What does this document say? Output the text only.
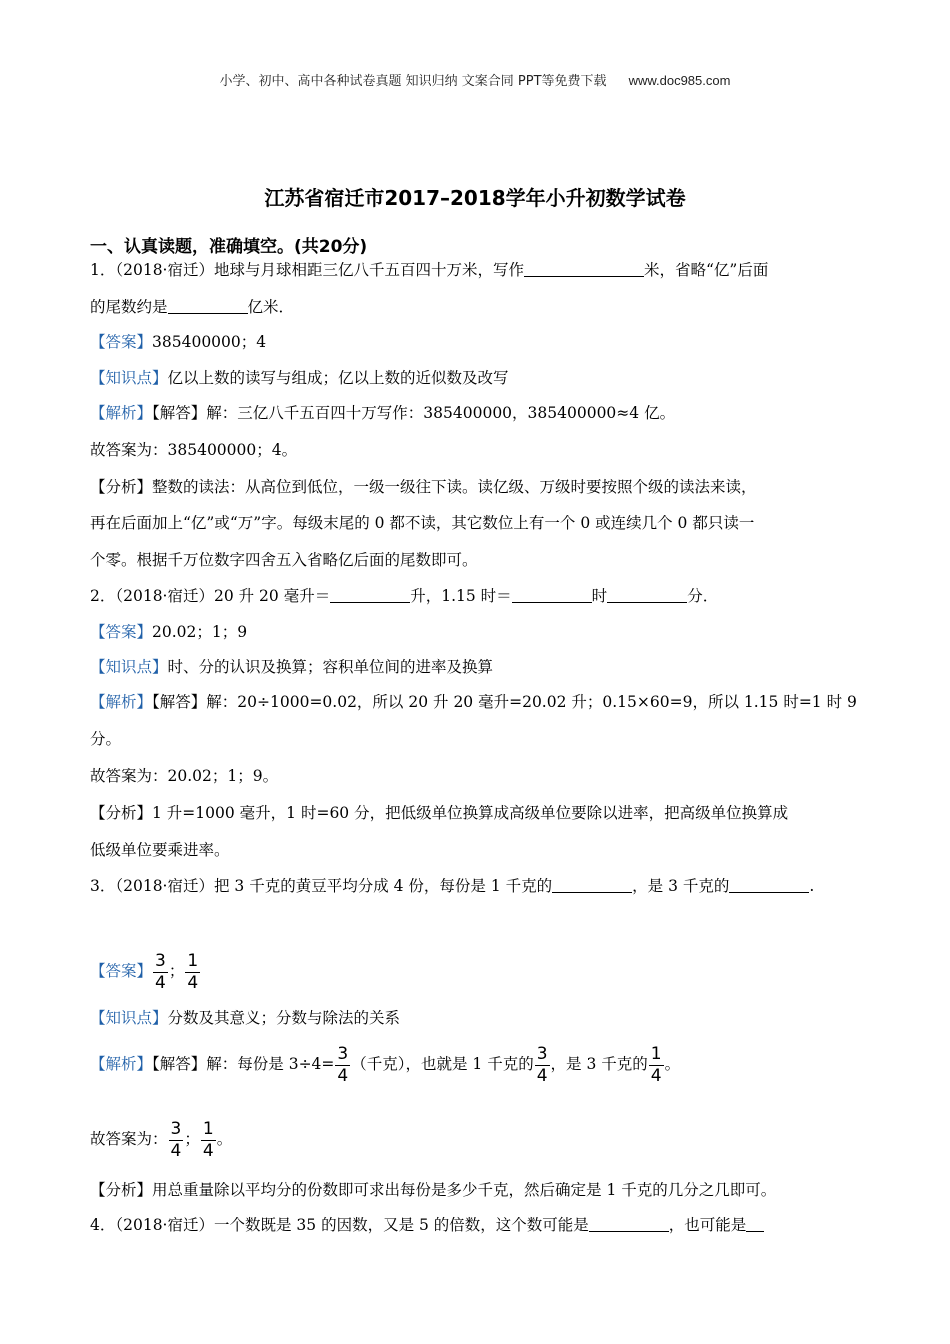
小学、初中、高中各种试卷真题 知识归纳 文案合同 PPT等免费下载 www.doc985.com
江苏省宿迁市2017–2018学年小升初数学试卷
一、认真读题，准确填空。(共20分)
1．（2018·宿迁）地球与月球相距三亿八千五百四十万米，写作	米，省略“亿”后面
的尾数约是	亿米．
【答案】385400000；4
【知识点】亿以上数的读写与组成；亿以上数的近似数及改写
【解析】【解答】解：三亿八千五百四十万写作：385400000，385400000≈4 亿。
故答案为：385400000；4。
【分析】整数的读法：从高位到低位，一级一级往下读。读亿级、万级时要按照个级的读法来读，
再在后面加上“亿”或“万”字。每级末尾的 0 都不读，其它数位上有一个 0 或连续几个 0 都只读一
个零。根据千万位数字四舍五入省略亿后面的尾数即可。
2．（2018·宿迁）20 升 20 毫升＝	升，1.15 时＝	时	分．
【答案】20.02；1；9
【知识点】时、分的认识及换算；容积单位间的进率及换算
【解析】【解答】解：20÷1000=0.02，所以 20 升 20 毫升=20.02 升；0.15×60=9，所以 1.15 时=1 时 9
分。
故答案为：20.02；1；9。
【分析】1 升=1000 毫升，1 时=60 分，把低级单位换算成高级单位要除以进率，把高级单位换算成
低级单位要乘进率。
3．（2018·宿迁）把 3 千克的黄豆平均分成 4 份，每份是 1 千克的	，是 3 千克的	.
【答案】 $\frac{3}{4}$ ； $\frac{1}{4}$
【知识点】分数及其意义；分数与除法的关系
【解析】【解答】解：每份是 $3\div 4= \frac{3}{4}$ （千克），也就是 1 千克的 $\frac{3}{4}$ ，是 3 千克的 $\frac{1}{4}$ 。
故答案为： $\frac{3}{4}$ ； $\frac{1}{4}$ 。
【分析】用总重量除以平均分的份数即可求出每份是多少千克，然后确定是 1 千克的几分之几即可。
4．（2018·宿迁）一个数既是 35 的因数，又是 5 的倍数，这个数可能是	，也可能是
